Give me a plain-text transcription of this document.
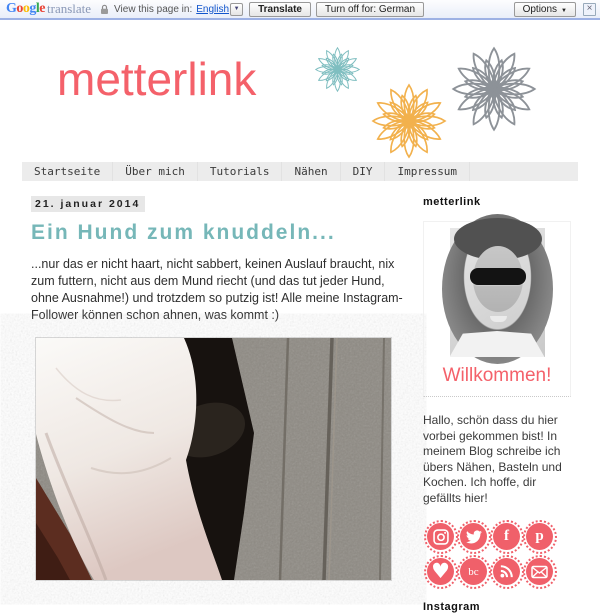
Google translate View this page in: English ▼	Translate	Turn off for: German	Options ▼	×
metterlink
Startseite	Über mich	Tutorials	Nähen	DIY	Impressum
21. januar 2014
Ein Hund zum knuddeln...

...nur das er nicht haart, nicht sabbert, keinen Auslauf braucht, nix zum futtern, nicht aus dem Mund riecht (und das tut jeder Hund, ohne Ausnahme!) und trotzdem so putzig ist! Alle meine Instagram-Follower können schon ahnen, was kommt :)

metterlink
Willkommen!

Hallo, schön dass du hier vorbei gekommen bist! In meinem Blog schreibe ich übers Nähen, Basteln und Kochen. Ich hoffe, dir gefällts hier!

f p
♥ bc
Instagram
